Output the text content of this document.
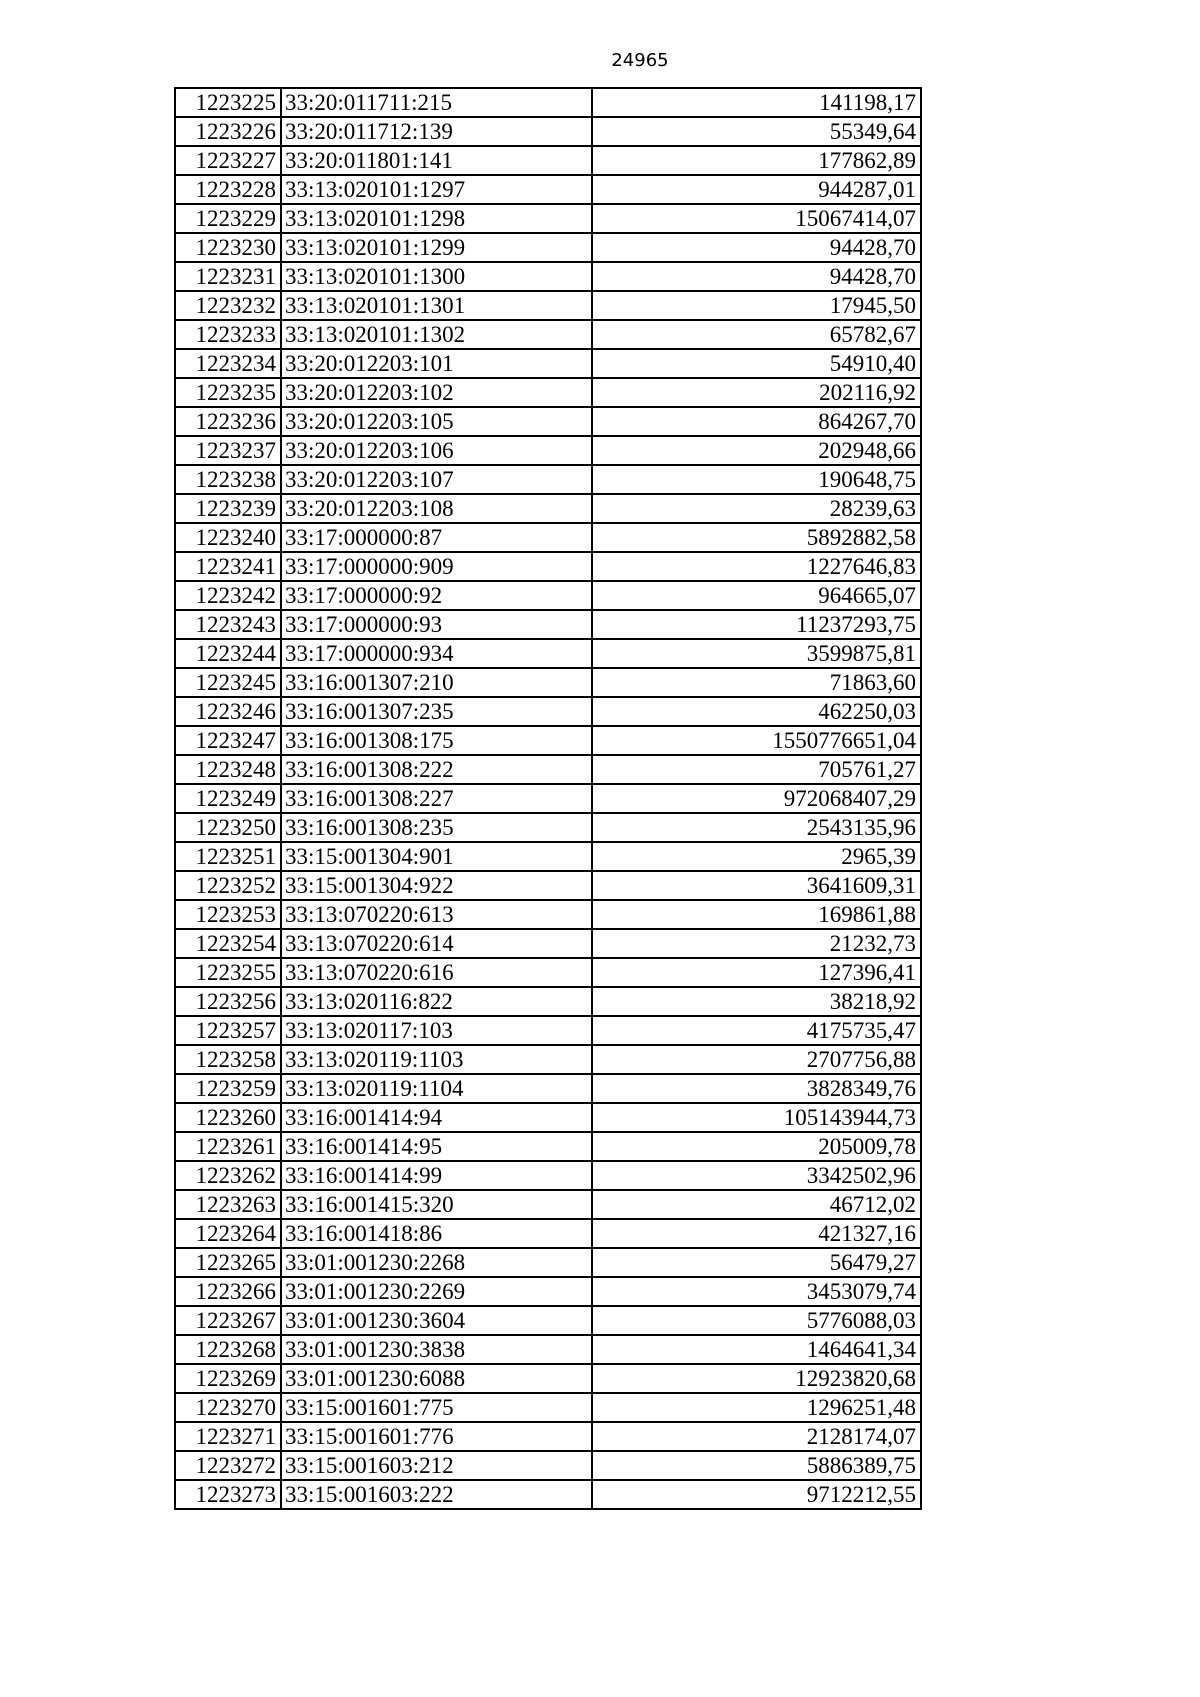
24965
1223225	33:20:011711:215	141198,17
1223226	33:20:011712:139	55349,64
1223227	33:20:011801:141	177862,89
1223228	33:13:020101:1297	944287,01
1223229	33:13:020101:1298	15067414,07
1223230	33:13:020101:1299	94428,70
1223231	33:13:020101:1300	94428,70
1223232	33:13:020101:1301	17945,50
1223233	33:13:020101:1302	65782,67
1223234	33:20:012203:101	54910,40
1223235	33:20:012203:102	202116,92
1223236	33:20:012203:105	864267,70
1223237	33:20:012203:106	202948,66
1223238	33:20:012203:107	190648,75
1223239	33:20:012203:108	28239,63
1223240	33:17:000000:87	5892882,58
1223241	33:17:000000:909	1227646,83
1223242	33:17:000000:92	964665,07
1223243	33:17:000000:93	11237293,75
1223244	33:17:000000:934	3599875,81
1223245	33:16:001307:210	71863,60
1223246	33:16:001307:235	462250,03
1223247	33:16:001308:175	1550776651,04
1223248	33:16:001308:222	705761,27
1223249	33:16:001308:227	972068407,29
1223250	33:16:001308:235	2543135,96
1223251	33:15:001304:901	2965,39
1223252	33:15:001304:922	3641609,31
1223253	33:13:070220:613	169861,88
1223254	33:13:070220:614	21232,73
1223255	33:13:070220:616	127396,41
1223256	33:13:020116:822	38218,92
1223257	33:13:020117:103	4175735,47
1223258	33:13:020119:1103	2707756,88
1223259	33:13:020119:1104	3828349,76
1223260	33:16:001414:94	105143944,73
1223261	33:16:001414:95	205009,78
1223262	33:16:001414:99	3342502,96
1223263	33:16:001415:320	46712,02
1223264	33:16:001418:86	421327,16
1223265	33:01:001230:2268	56479,27
1223266	33:01:001230:2269	3453079,74
1223267	33:01:001230:3604	5776088,03
1223268	33:01:001230:3838	1464641,34
1223269	33:01:001230:6088	12923820,68
1223270	33:15:001601:775	1296251,48
1223271	33:15:001601:776	2128174,07
1223272	33:15:001603:212	5886389,75
1223273	33:15:001603:222	9712212,55
